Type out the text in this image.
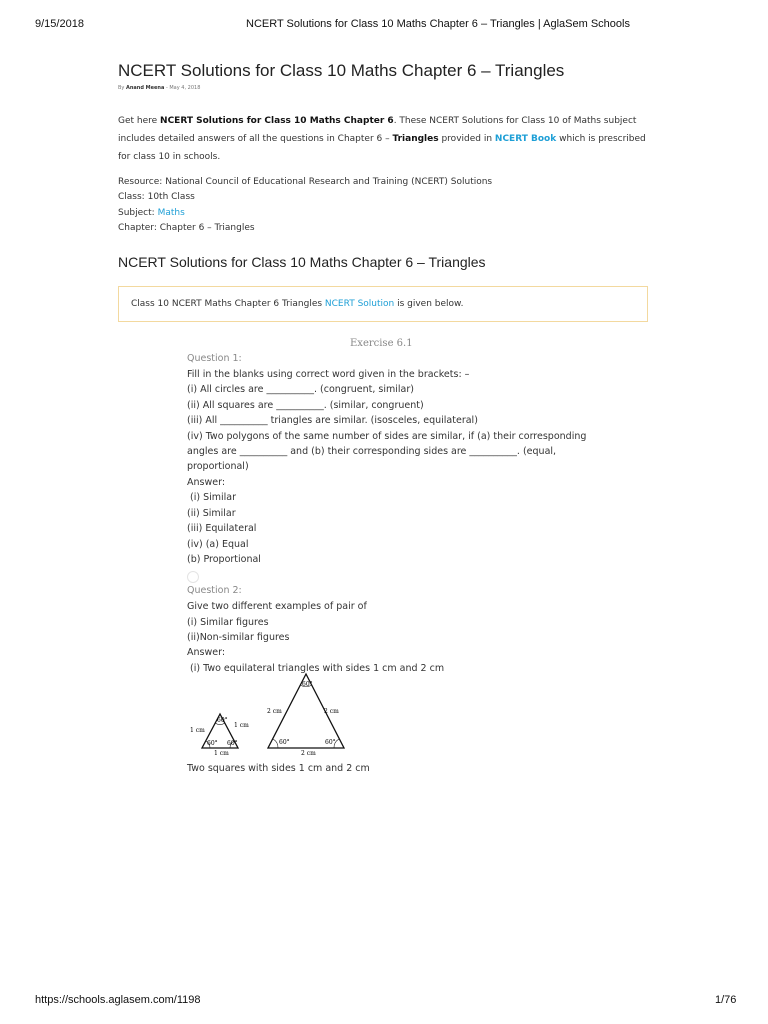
9/15/2018	NCERT Solutions for Class 10 Maths Chapter 6 – Triangles | AglaSem Schools
NCERT Solutions for Class 10 Maths Chapter 6 – Triangles
By Anand Meena - May 4, 2018
Get here NCERT Solutions for Class 10 Maths Chapter 6. These NCERT Solutions for Class 10 of Maths subject includes detailed answers of all the questions in Chapter 6 – Triangles provided in NCERT Book which is prescribed for class 10 in schools.
Resource: National Council of Educational Research and Training (NCERT) Solutions
Class: 10th Class
Subject: Maths
Chapter: Chapter 6 – Triangles
NCERT Solutions for Class 10 Maths Chapter 6 – Triangles
Class 10 NCERT Maths Chapter 6 Triangles NCERT Solution is given below.
Exercise 6.1
Question 1:
Fill in the blanks using correct word given in the brackets: –
(i) All circles are __________. (congruent, similar)
(ii) All squares are __________. (similar, congruent)
(iii) All __________ triangles are similar. (isosceles, equilateral)
(iv) Two polygons of the same number of sides are similar, if (a) their corresponding
angles are __________ and (b) their corresponding sides are __________. (equal,
proportional)
Answer:
(i) Similar
(ii) Similar
(iii) Equilateral
(iv) (a) Equal
(b) Proportional
Question 2:
Give two different examples of pair of
(i) Similar figures
(ii)Non-similar figures
Answer:
(i) Two equilateral triangles with sides 1 cm and 2 cm
60°
60° 60°
1 cm
1 cm
1 cm
60°
60°	60°
2 cm	2 cm
2 cm
Two squares with sides 1 cm and 2 cm
https://schools.aglasem.com/1198	1/76
